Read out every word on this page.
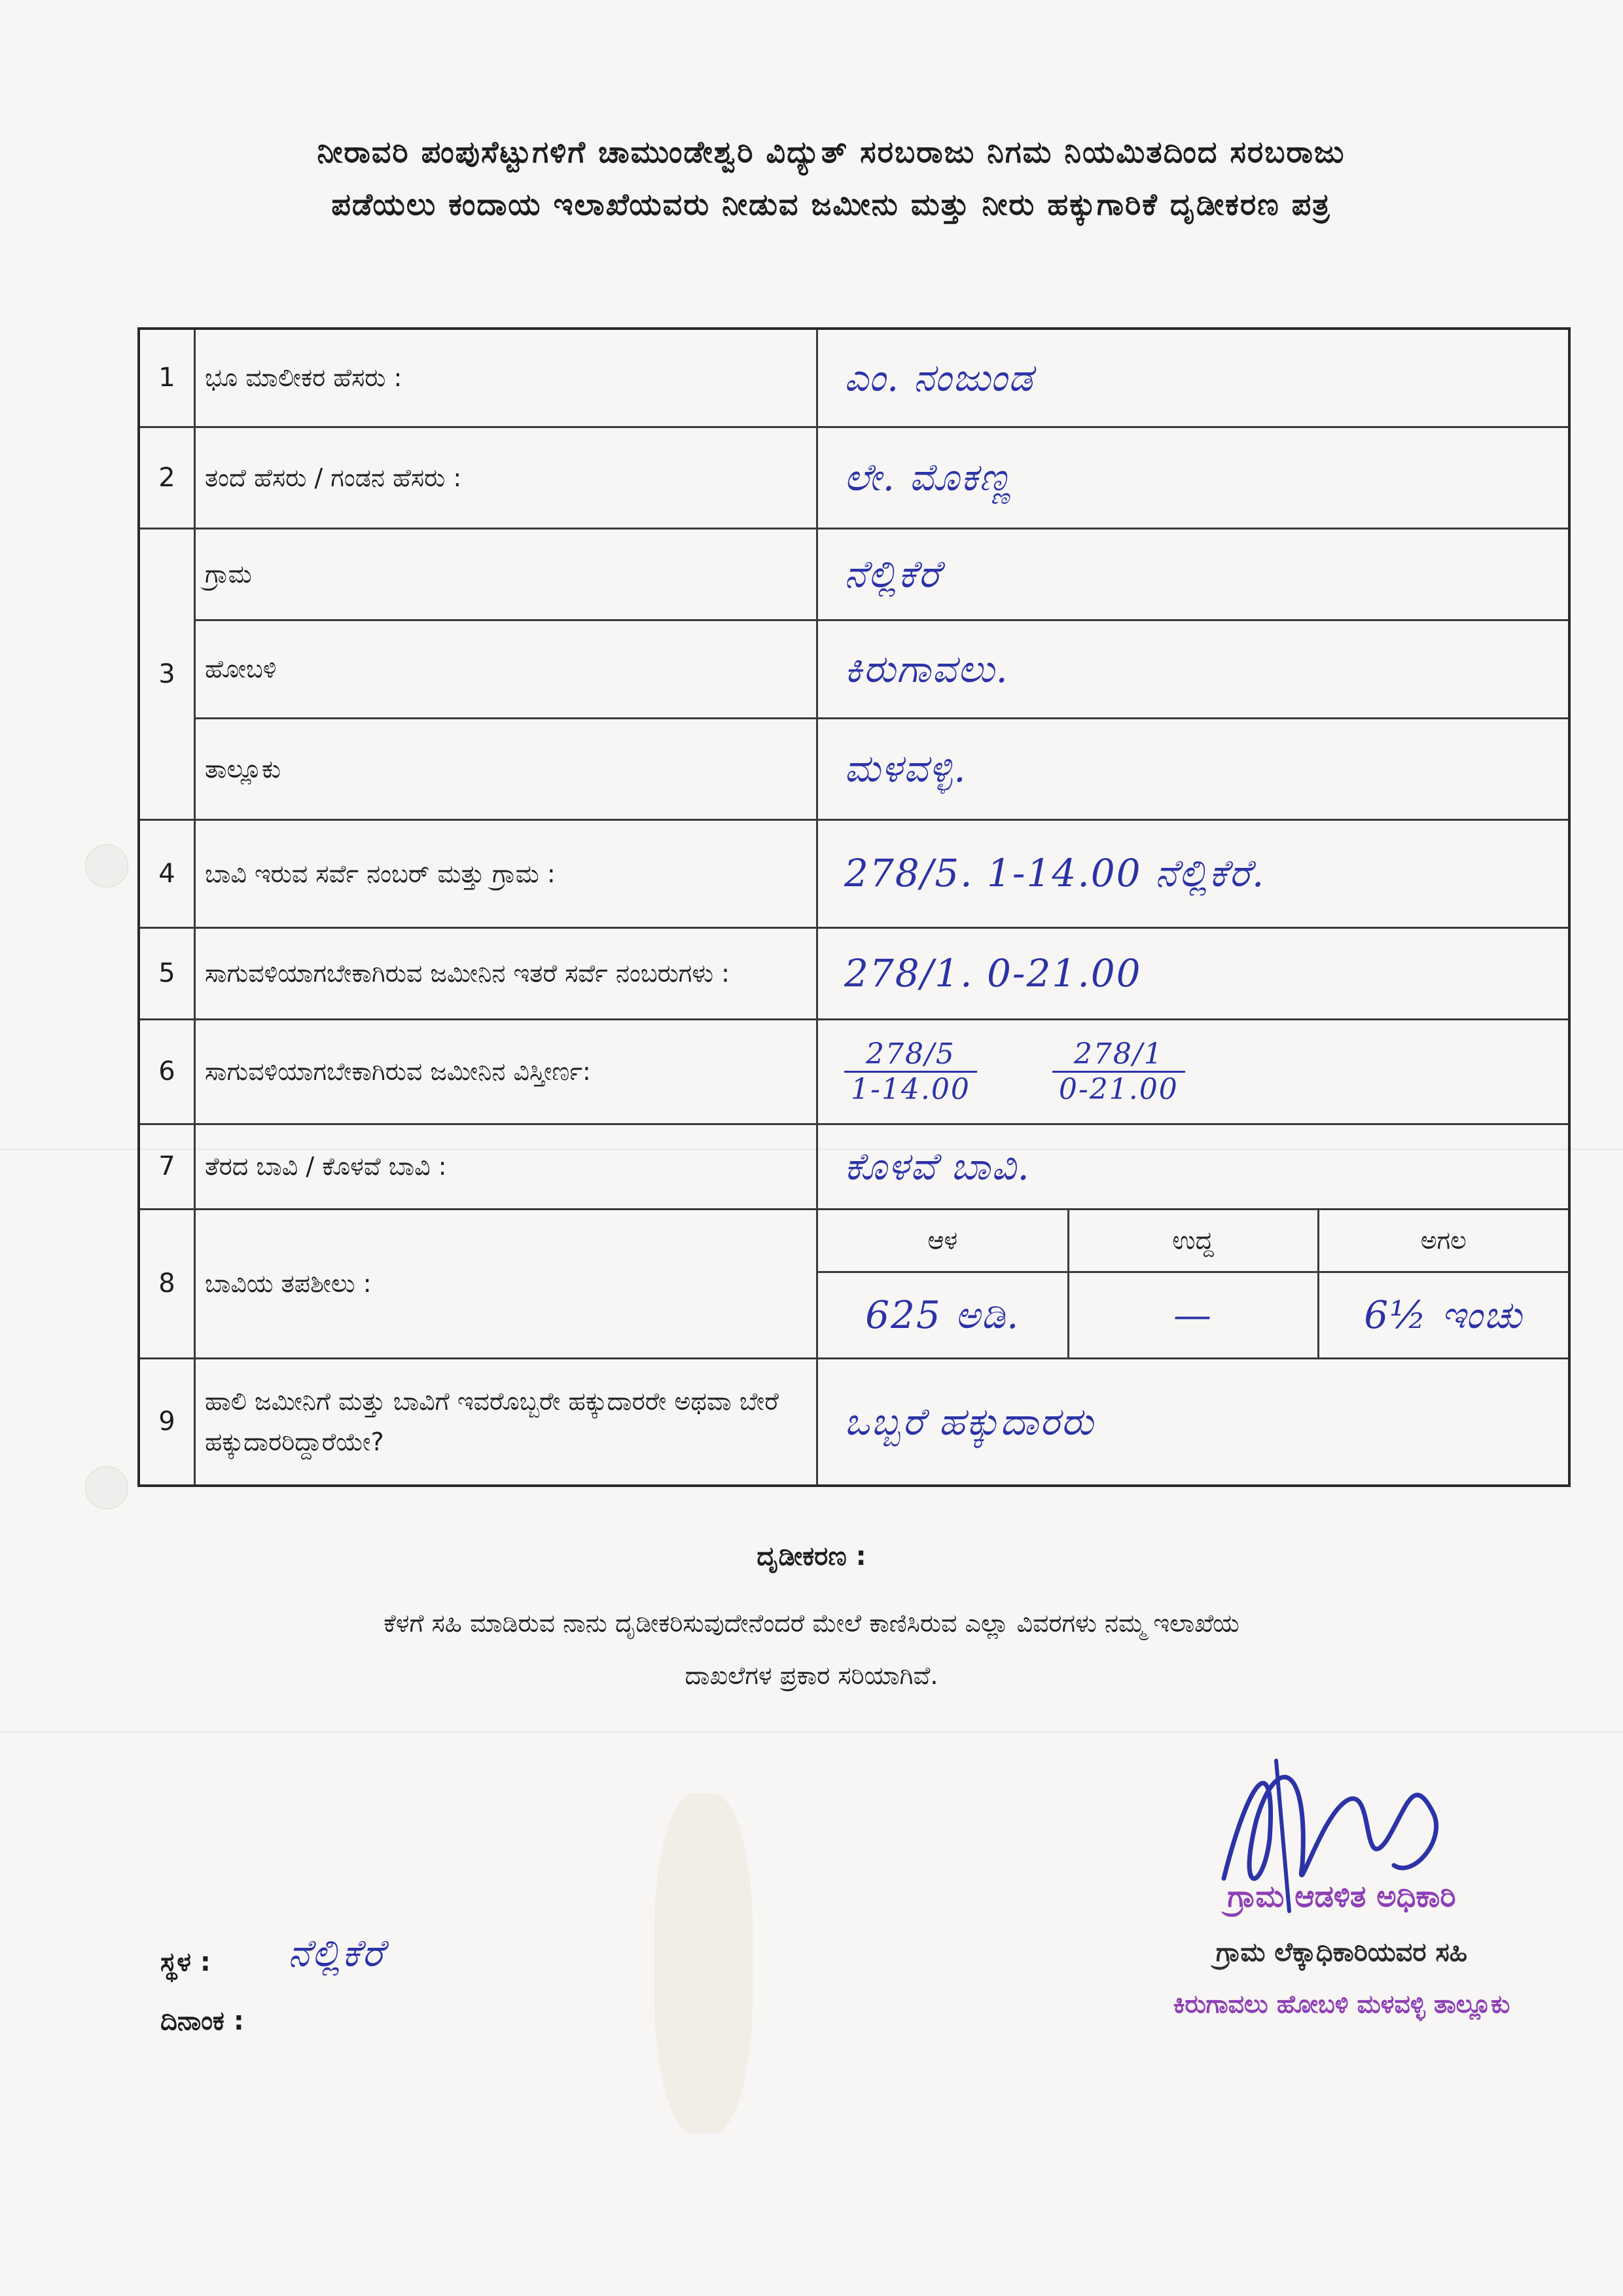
ನೀರಾವರಿ ಪಂಪುಸೆಟ್ಟುಗಳಿಗೆ ಚಾಮುಂಡೇಶ್ವರಿ ವಿದ್ಯುತ್ ಸರಬರಾಜು ನಿಗಮ ನಿಯಮಿತದಿಂದ ಸರಬರಾಜು
ಪಡೆಯಲು ಕಂದಾಯ ಇಲಾಖೆಯವರು ನೀಡುವ ಜಮೀನು ಮತ್ತು ನೀರು ಹಕ್ಕುಗಾರಿಕೆ ದೃಡೀಕರಣ ಪತ್ರ
1	ಭೂ ಮಾಲೀಕರ ಹೆಸರು :	ಎಂ. ನಂಜುಂಡ
2	ತಂದೆ ಹೆಸರು / ಗಂಡನ ಹೆಸರು :	ಲೇ. ಮೊಕಣ್ಣ
3	ಗ್ರಾಮ	ನೆಲ್ಲಿಕೆರೆ
ಹೋಬಳಿ	ಕಿರುಗಾವಲು.
ತಾಲ್ಲೂಕು	ಮಳವಳ್ಳಿ.
4	ಬಾವಿ ಇರುವ ಸರ್ವೆ ನಂಬರ್ ಮತ್ತು ಗ್ರಾಮ :	278/5. 1-14.00 ನೆಲ್ಲಿಕೆರೆ.
5	ಸಾಗುವಳಿಯಾಗಬೇಕಾಗಿರುವ ಜಮೀನಿನ ಇತರೆ ಸರ್ವೆ ನಂಬರುಗಳು :	278/1. 0-21.00
6	ಸಾಗುವಳಿಯಾಗಬೇಕಾಗಿರುವ ಜಮೀನಿನ ವಿಸ್ತೀರ್ಣ:	$\frac{278/5}{1-14.00}$
	$\frac{278/1}{0-21.00}$

7	ತೆರದ ಬಾವಿ / ಕೊಳವೆ ಬಾವಿ :	ಕೊಳವೆ ಬಾವಿ.
8	ಬಾವಿಯ ತಪಶೀಲು :	
ಆಳ	ಉದ್ದ	ಅಗಲ
625 ಅಡಿ.	—	6½ ಇಂಚು

9	ಹಾಲಿ ಜಮೀನಿಗೆ ಮತ್ತು ಬಾವಿಗೆ ಇವರೊಬ್ಬರೇ ಹಕ್ಕುದಾರರೇ ಅಥವಾ ಬೇರೆ ಹಕ್ಕುದಾರರಿದ್ದಾರೆಯೇ?	ಒಬ್ಬರೆ ಹಕ್ಕುದಾರರು
ದೃಡೀಕರಣ :
ಕೆಳಗೆ ಸಹಿ ಮಾಡಿರುವ ನಾನು ದೃಡೀಕರಿಸುವುದೇನೆಂದರೆ ಮೇಲೆ ಕಾಣಿಸಿರುವ ಎಲ್ಲಾ ವಿವರಗಳು ನಮ್ಮ ಇಲಾಖೆಯ
ದಾಖಲೆಗಳ ಪ್ರಕಾರ ಸರಿಯಾಗಿವೆ.
ಗ್ರಾಮ ಆಡಳಿತ ಅಧಿಕಾರಿ
ಗ್ರಾಮ ಲೆಕ್ಕಾಧಿಕಾರಿಯವರ ಸಹಿ
ಕಿರುಗಾವಲು ಹೋಬಳಿ ಮಳವಳ್ಳಿ ತಾಲ್ಲೂಕು
ಸ್ಥಳ : ನೆಲ್ಲಿಕೆರೆ
ದಿನಾಂಕ :
